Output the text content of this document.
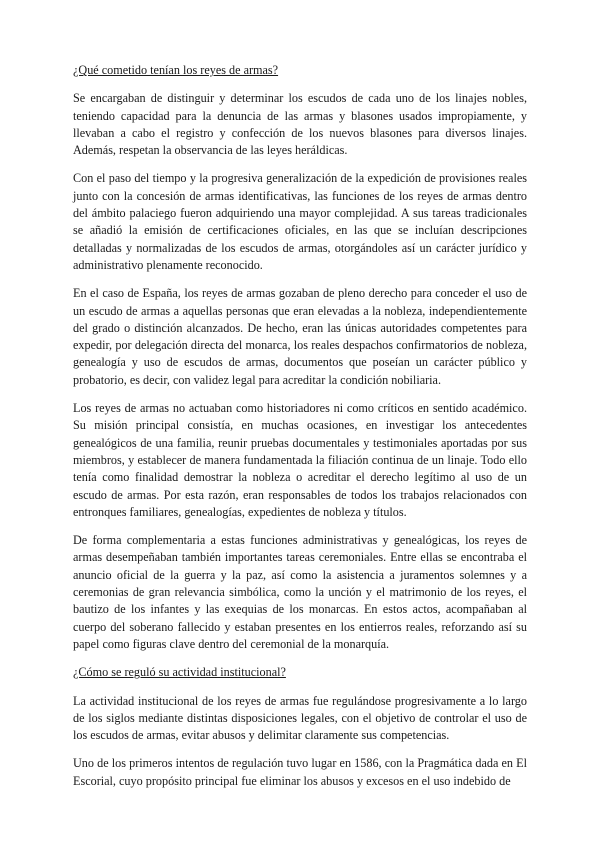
¿Qué cometido tenían los reyes de armas?

Se encargaban de distinguir y determinar los escudos de cada uno de los linajes nobles, teniendo capacidad para la denuncia de las armas y blasones usados impropiamente, y llevaban a cabo el registro y confección de los nuevos blasones para diversos linajes. Además, respetan la observancia de las leyes heráldicas.

Con el paso del tiempo y la progresiva generalización de la expedición de provisiones reales junto con la concesión de armas identificativas, las funciones de los reyes de armas dentro del ámbito palaciego fueron adquiriendo una mayor complejidad. A sus tareas tradicionales se añadió la emisión de certificaciones oficiales, en las que se incluían descripciones detalladas y normalizadas de los escudos de armas, otorgándoles así un carácter jurídico y administrativo plenamente reconocido.

En el caso de España, los reyes de armas gozaban de pleno derecho para conceder el uso de un escudo de armas a aquellas personas que eran elevadas a la nobleza, independientemente del grado o distinción alcanzados. De hecho, eran las únicas autoridades competentes para expedir, por delegación directa del monarca, los reales despachos confirmatorios de nobleza, genealogía y uso de escudos de armas, documentos que poseían un carácter público y probatorio, es decir, con validez legal para acreditar la condición nobiliaria.

Los reyes de armas no actuaban como historiadores ni como críticos en sentido académico. Su misión principal consistía, en muchas ocasiones, en investigar los antecedentes genealógicos de una familia, reunir pruebas documentales y testimoniales aportadas por sus miembros, y establecer de manera fundamentada la filiación continua de un linaje. Todo ello tenía como finalidad demostrar la nobleza o acreditar el derecho legítimo al uso de un escudo de armas. Por esta razón, eran responsables de todos los trabajos relacionados con entronques familiares, genealogías, expedientes de nobleza y títulos.

De forma complementaria a estas funciones administrativas y genealógicas, los reyes de armas desempeñaban también importantes tareas ceremoniales. Entre ellas se encontraba el anuncio oficial de la guerra y la paz, así como la asistencia a juramentos solemnes y a ceremonias de gran relevancia simbólica, como la unción y el matrimonio de los reyes, el bautizo de los infantes y las exequias de los monarcas. En estos actos, acompañaban al cuerpo del soberano fallecido y estaban presentes en los entierros reales, reforzando así su papel como figuras clave dentro del ceremonial de la monarquía.

¿Cómo se reguló su actividad institucional?

La actividad institucional de los reyes de armas fue regulándose progresivamente a lo largo de los siglos mediante distintas disposiciones legales, con el objetivo de controlar el uso de los escudos de armas, evitar abusos y delimitar claramente sus competencias.

Uno de los primeros intentos de regulación tuvo lugar en 1586, con la Pragmática dada en El Escorial, cuyo propósito principal fue eliminar los abusos y excesos en el uso indebido de
